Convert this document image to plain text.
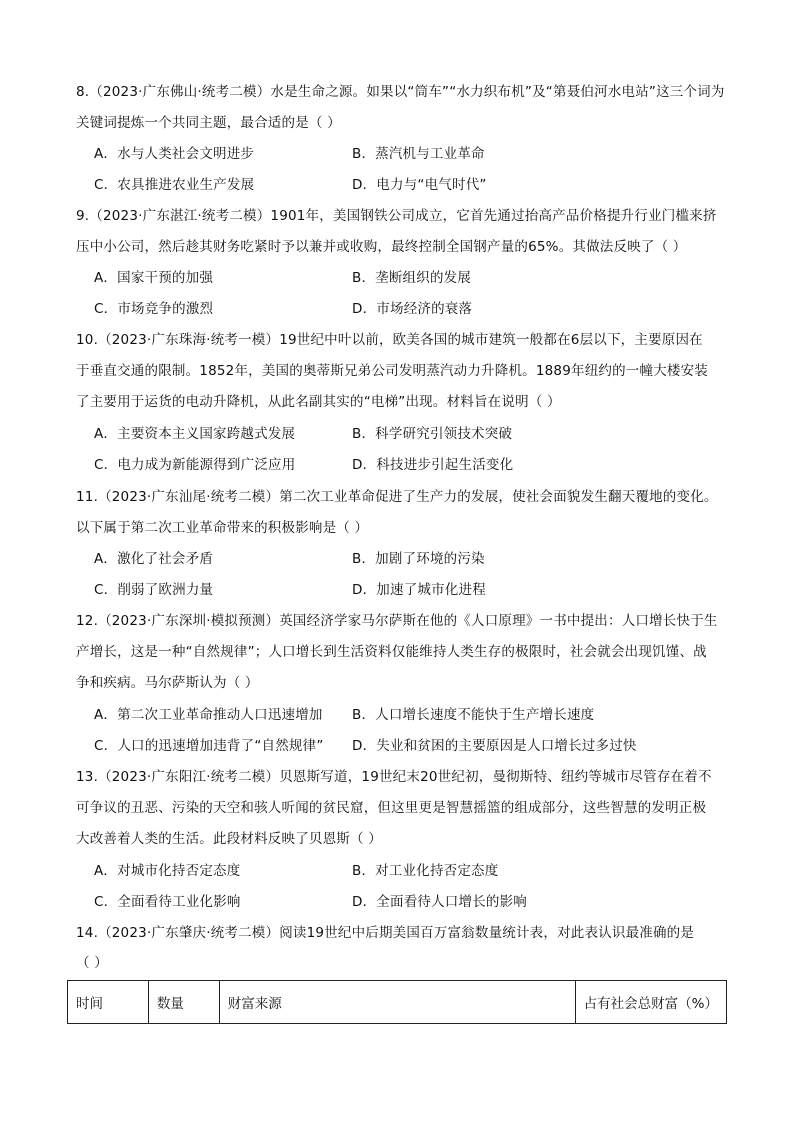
8.（2023·广东佛山·统考二模）水是生命之源。如果以“筒车”“水力织布机”及“第聂伯河水电站”这三个词为
关键词提炼一个共同主题，最合适的是（ ）
A．水与人类社会文明进步	B．蒸汽机与工业革命
C．农具推进农业生产发展	D．电力与“电气时代”
9.（2023·广东湛江·统考二模）1901年，美国钢铁公司成立，它首先通过抬高产品价格提升行业门槛来挤
压中小公司，然后趁其财务吃紧时予以兼并或收购，最终控制全国钢产量的65%。其做法反映了（ ）
A．国家干预的加强	B．垄断组织的发展
C．市场竞争的激烈	D．市场经济的衰落
10.（2023·广东珠海·统考一模）19世纪中叶以前，欧美各国的城市建筑一般都在6层以下，主要原因在
于垂直交通的限制。1852年，美国的奥蒂斯兄弟公司发明蒸汽动力升降机。1889年纽约的一幢大楼安装
了主要用于运货的电动升降机，从此名副其实的“电梯”出现。材料旨在说明（ ）
A．主要资本主义国家跨越式发展	B．科学研究引领技术突破
C．电力成为新能源得到广泛应用	D．科技进步引起生活变化
11.（2023·广东汕尾·统考二模）第二次工业革命促进了生产力的发展，使社会面貌发生翻天覆地的变化。
以下属于第二次工业革命带来的积极影响是（ ）
A．激化了社会矛盾	B．加剧了环境的污染
C．削弱了欧洲力量	D．加速了城市化进程
12.（2023·广东深圳·模拟预测）英国经济学家马尔萨斯在他的《人口原理》一书中提出：人口增长快于生
产增长，这是一种“自然规律”；人口增长到生活资料仅能维持人类生存的极限时，社会就会出现饥馑、战
争和疾病。马尔萨斯认为（ ）
A．第二次工业革命推动人口迅速增加 B．人口增长速度不能快于生产增长速度
C．人口的迅速增加违背了“自然规律” D．失业和贫困的主要原因是人口增长过多过快
13.（2023·广东阳江·统考二模）贝恩斯写道，19世纪末20世纪初，曼彻斯特、纽约等城市尽管存在着不
可争议的丑恶、污染的天空和骇人听闻的贫民窟，但这里更是智慧摇篮的组成部分，这些智慧的发明正极
大改善着人类的生活。此段材料反映了贝恩斯（ ）
A．对城市化持否定态度	B．对工业化持否定态度
C．全面看待工业化影响	D．全面看待人口增长的影响
14.（2023·广东肇庆·统考二模）阅读19世纪中后期美国百万富翁数量统计表，对此表认识最准确的是
（ ）
时间	数量	财富来源	占有社会总财富（%）
